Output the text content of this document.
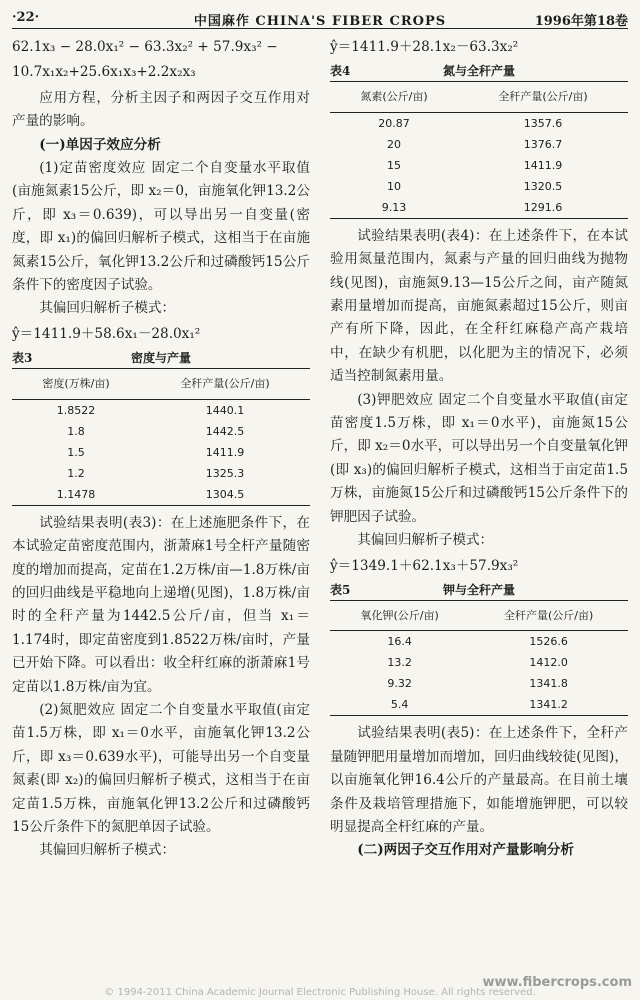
·22·	中国麻作 CHINA'S FIBER CROPS	1996年第18卷

62.1x₃ − 28.0x₁² − 63.3x₂² + 57.9x₃² −

10.7x₁x₂+25.6x₁x₃+2.2x₂x₃

应用方程，分析主因子和两因子交互作用对产量的影响。

(一)单因子效应分析

(1)定苗密度效应 固定二个自变量水平取值(亩施氮素15公斤，即 x₂＝0，亩施氧化钾13.2公斤，即 x₃＝0.639)，可以导出另一自变量(密度，即 x₁)的偏回归解析子模式，这相当于在亩施氮素15公斤，氧化钾13.2公斤和过磷酸钙15公斤条件下的密度因子试验。

其偏回归解析子模式：

ŷ＝1411.9＋58.6x₁－28.0x₁²

表3	密度与产量
密度(万株/亩)	全秆产量(公斤/亩)
1.8522	1440.1
1.8	1442.5
1.5	1411.9
1.2	1325.3
1.1478	1304.5

试验结果表明(表3)：在上述施肥条件下，在本试验定苗密度范围内，浙萧麻1号全杆产量随密度的增加而提高，定苗在1.2万株/亩—1.8万株/亩的回归曲线是平稳地向上递增(见图)，1.8万株/亩时的全秆产量为1442.5公斤/亩，但当 x₁＝1.174时，即定苗密度到1.8522万株/亩时，产量已开始下降。可以看出：收全秆红麻的浙萧麻1号定苗以1.8万株/亩为宜。

(2)氮肥效应 固定二个自变量水平取值(亩定苗1.5万株，即 x₁＝0水平，亩施氧化钾13.2公斤，即 x₃＝0.639水平)，可能导出另一个自变量氮素(即 x₂)的偏回归解析子模式，这相当于在亩定苗1.5万株，亩施氧化钾13.2公斤和过磷酸钙15公斤条件下的氮肥单因子试验。

其偏回归解析子模式：

ŷ＝1411.9＋28.1x₂－63.3x₂²

表4	氮与全秆产量
氮素(公斤/亩)	全秆产量(公斤/亩)
20.87	1357.6
20	1376.7
15	1411.9
10	1320.5
9.13	1291.6

试验结果表明(表4)：在上述条件下，在本试验用氮量范围内，氮素与产量的回归曲线为抛物线(见图)，亩施氮9.13—15公斤之间，亩产随氮素用量增加而提高，亩施氮素超过15公斤，则亩产有所下降，因此，在全秆红麻稳产高产栽培中，在缺少有机肥，以化肥为主的情况下，必须适当控制氮素用量。

(3)钾肥效应 固定二个自变量水平取值(亩定苗密度1.5万株，即 x₁＝0水平)，亩施氮15公斤，即 x₂＝0水平，可以导出另一个自变量氧化钾(即 x₃)的偏回归解析子模式，这相当于亩定苗1.5万株，亩施氮15公斤和过磷酸钙15公斤条件下的钾肥因子试验。

其偏回归解析子模式：

ŷ＝1349.1＋62.1x₃＋57.9x₃²

表5	钾与全秆产量
氧化钾(公斤/亩)	全秆产量(公斤/亩)
16.4	1526.6
13.2	1412.0
9.32	1341.8
5.4	1341.2

试验结果表明(表5)：在上述条件下，全秆产量随钾肥用量增加而增加，回归曲线较徒(见图)，以亩施氧化钾16.4公斤的产量最高。在目前土壤条件及栽培管理措施下，如能增施钾肥，可以较明显提高全杆红麻的产量。

(二)两因子交互作用对产量影响分析

© 1994-2011 China Academic Journal Electronic Publishing House. All rights reserved.
www.fibercrops.com
